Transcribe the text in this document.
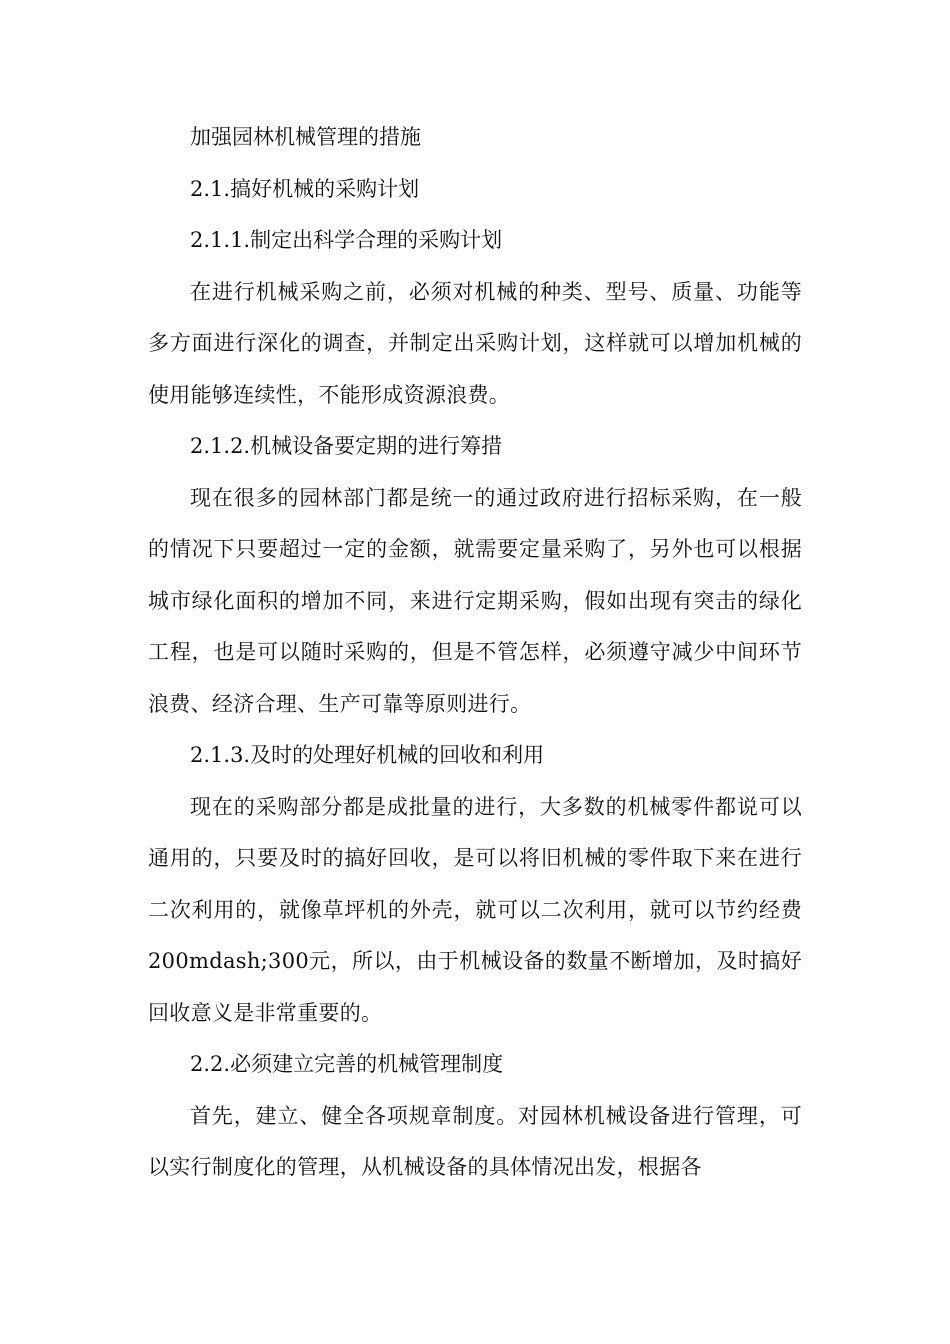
加强园林机械管理的措施

2.1.搞好机械的采购计划

2.1.1.制定出科学合理的采购计划

在进行机械采购之前，必须对机械的种类、型号、质量、功能等多方面进行深化的调查，并制定出采购计划，这样就可以增加机械的使用能够连续性，不能形成资源浪费。

2.1.2.机械设备要定期的进行筹措

现在很多的园林部门都是统一的通过政府进行招标采购，在一般的情况下只要超过一定的金额，就需要定量采购了，另外也可以根据城市绿化面积的增加不同，来进行定期采购，假如出现有突击的绿化工程，也是可以随时采购的，但是不管怎样，必须遵守减少中间环节浪费、经济合理、生产可靠等原则进行。

2.1.3.及时的处理好机械的回收和利用

现在的采购部分都是成批量的进行，大多数的机械零件都说可以通用的，只要及时的搞好回收，是可以将旧机械的零件取下来在进行二次利用的，就像草坪机的外壳，就可以二次利用，就可以节约经费200mdash;300元，所以，由于机械设备的数量不断增加，及时搞好回收意义是非常重要的。

2.2.必须建立完善的机械管理制度

首先，建立、健全各项规章制度。对园林机械设备进行管理，可以实行制度化的管理，从机械设备的具体情况出发，根据各
